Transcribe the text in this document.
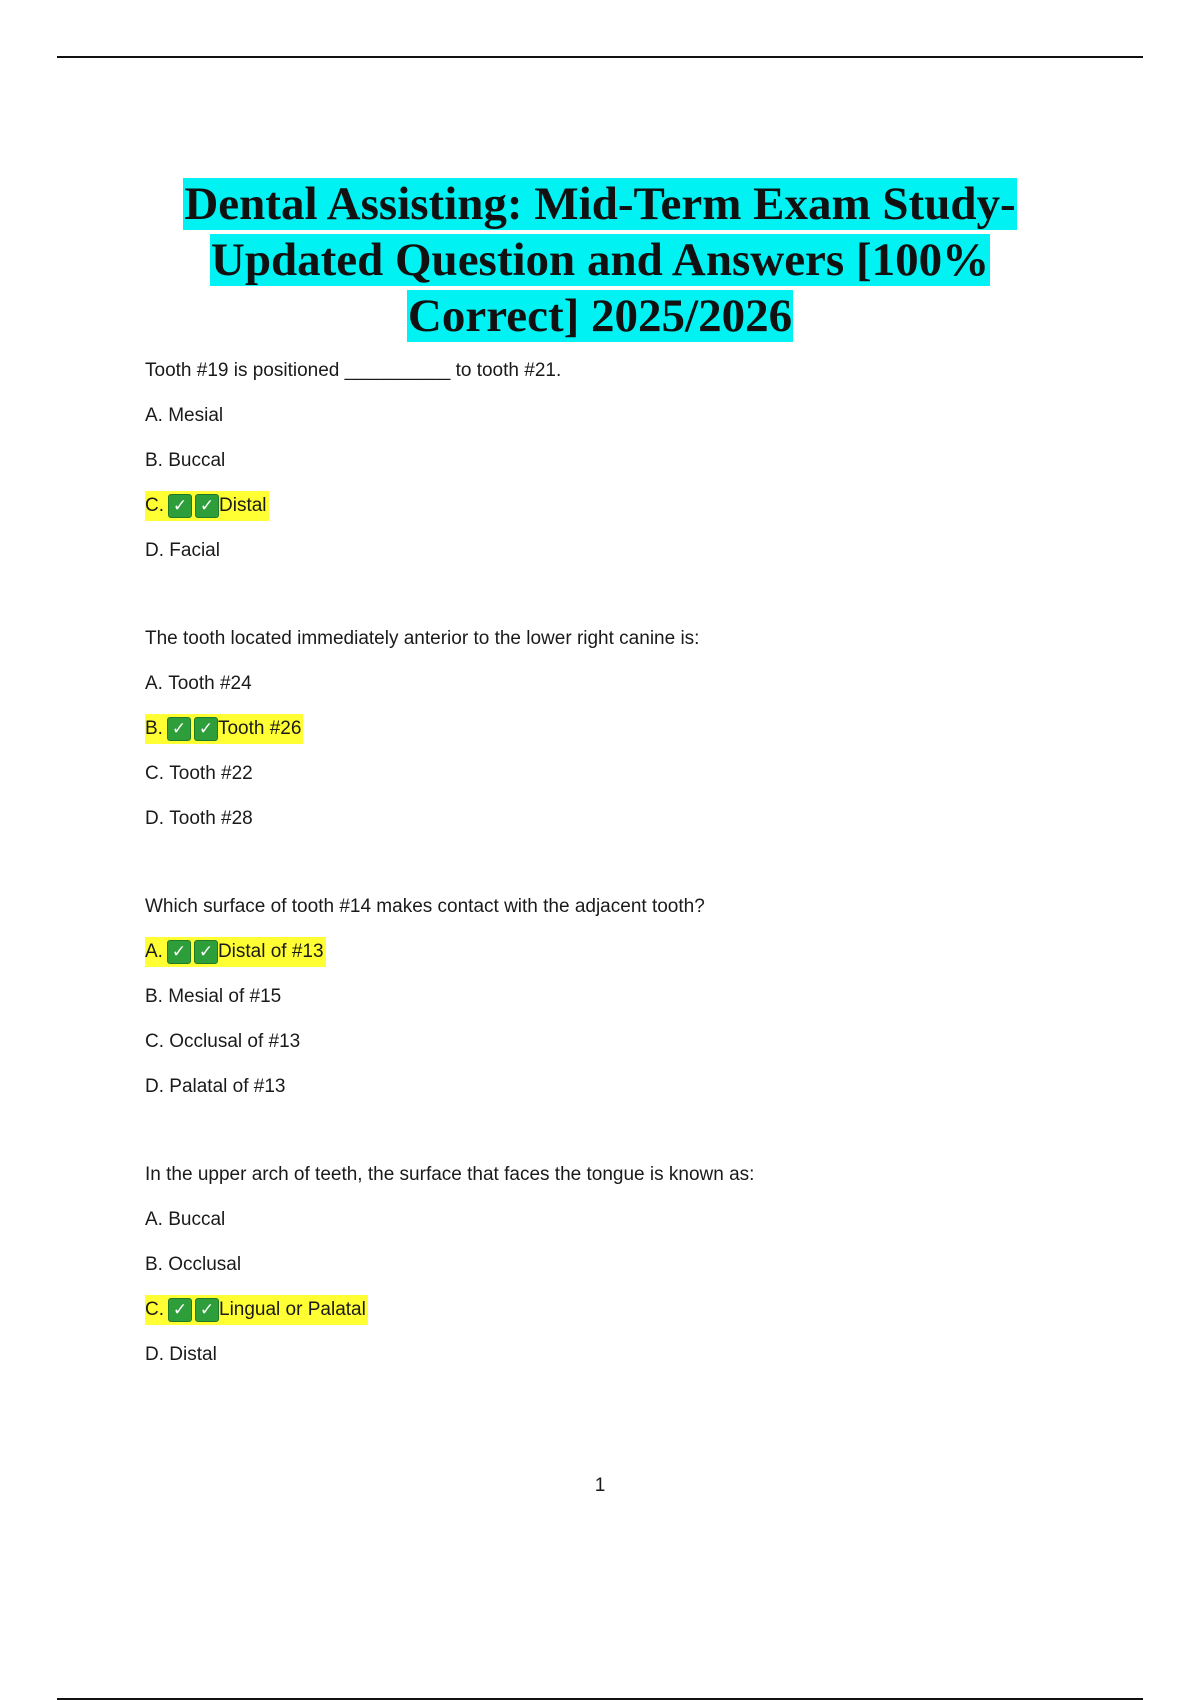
Dental Assisting: Mid-Term Exam Study-
Updated Question and Answers [100%
Correct] 2025/2026

Tooth #19 is positioned __________ to tooth #21.

A.
Mesial
B.
Buccal
C. ✓ ✓ Distal
D.
Facial

The tooth located immediately anterior to the lower right canine is:

A.
Tooth #24
B. ✓ ✓ Tooth #26
C.
Tooth #22
D.
Tooth #28

Which surface of tooth #14 makes contact with the adjacent tooth?

A. ✓ ✓ Distal of #13
B.
Mesial of #15
C.
Occlusal of #13
D.
Palatal of #13

In the upper arch of teeth, the surface that faces the tongue is known as:

A.
Buccal
B.
Occlusal
C. ✓ ✓ Lingual or Palatal
D.
Distal
1
